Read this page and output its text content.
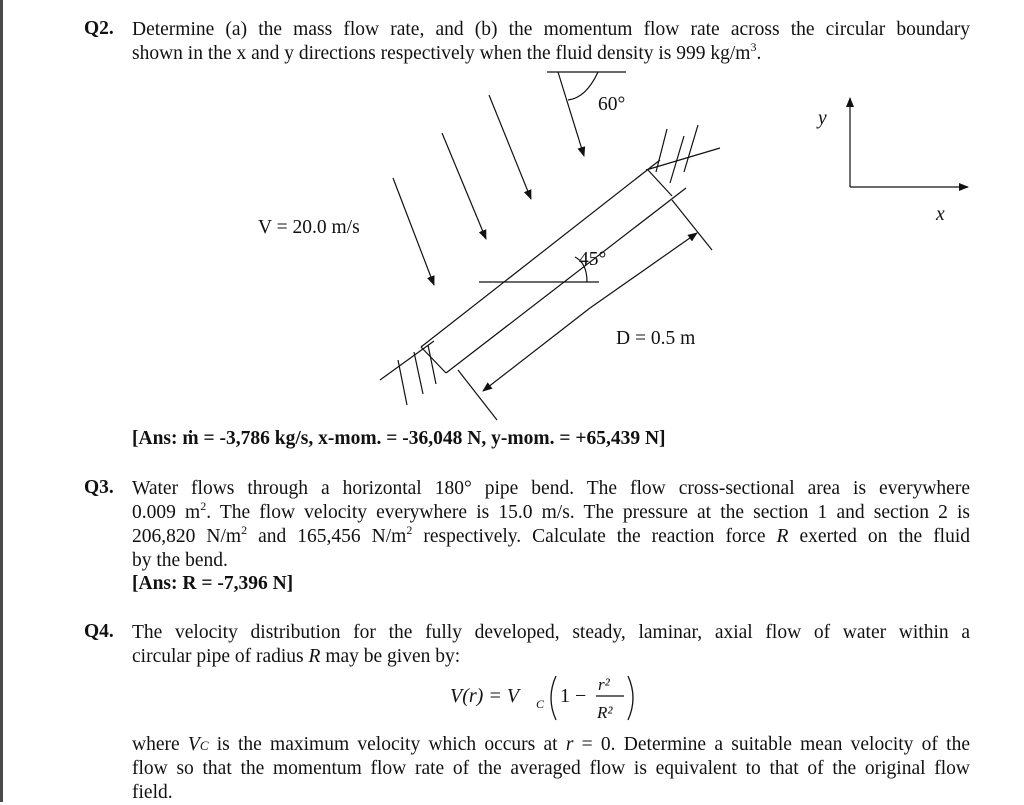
Q2. Determine (a) the mass flow rate, and (b) the momentum flow rate across the circular boundary
shown in the x and y directions respectively when the fluid density is 999 $kg/m^3$.
60°
45°
V = 20.0 m/s
D = 0.5 m
y
x
[Ans: ṁ = -3,786 kg/s, x-mom. = -36,048 N, y-mom. = +65,439 N]
Q3. Water flows through a horizontal 180° pipe bend. The flow cross-sectional area is everywhere
0.009 $m^2$. The flow velocity everywhere is 15.0 m/s. The pressure at the section 1 and section 2 is
206,820 $N/m^2$ and 165,456 $N/m^2$ respectively. Calculate the reaction force R exerted on the fluid
by the bend.
[Ans: R = -7,396 N]
Q4. The velocity distribution for the fully developed, steady, laminar, axial flow of water within a
circular pipe of radius R may be given by:
V(r) = V C 1 −
r²
R²
where VC is the maximum velocity which occurs at r = 0. Determine a suitable mean velocity of the
flow so that the momentum flow rate of the averaged flow is equivalent to that of the original flow
field.
